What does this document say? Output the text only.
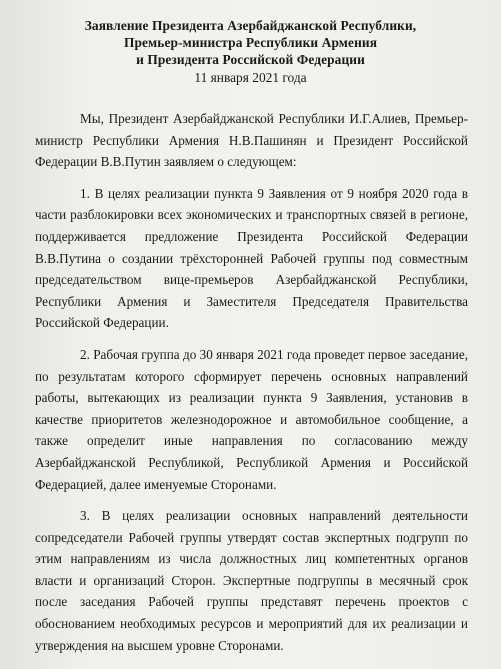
Заявление Президента Азербайджанской Республики,
Премьер-министра Республики Армения
и Президента Российской Федерации
11 января 2021 года

Мы, Президент Азербайджанской Республики И.Г.Алиев, Премьер-министр Республики Армения Н.В.Пашинян и Президент Российской Федерации В.В.Путин заявляем о следующем:

1. В целях реализации пункта 9 Заявления от 9 ноября 2020 года в части разблокировки всех экономических и транспортных связей в регионе, поддерживается предложение Президента Российской Федерации В.В.Путина о создании трёхсторонней Рабочей группы под совместным председательством вице-премьеров Азербайджанской Республики, Республики Армения и Заместителя Председателя Правительства Российской Федерации.

2. Рабочая группа до 30 января 2021 года проведет первое заседание, по результатам которого сформирует перечень основных направлений работы, вытекающих из реализации пункта 9 Заявления, установив в качестве приоритетов железнодорожное и автомобильное сообщение, а также определит иные направления по согласованию между Азербайджанской Республикой, Республикой Армения и Российской Федерацией, далее именуемые Сторонами.

3. В целях реализации основных направлений деятельности сопредседатели Рабочей группы утвердят состав экспертных подгрупп по этим направлениям из числа должностных лиц компетентных органов власти и организаций Сторон. Экспертные подгруппы в месячный срок после заседания Рабочей группы представят перечень проектов с обоснованием необходимых ресурсов и мероприятий для их реализации и утверждения на высшем уровне Сторонами.
